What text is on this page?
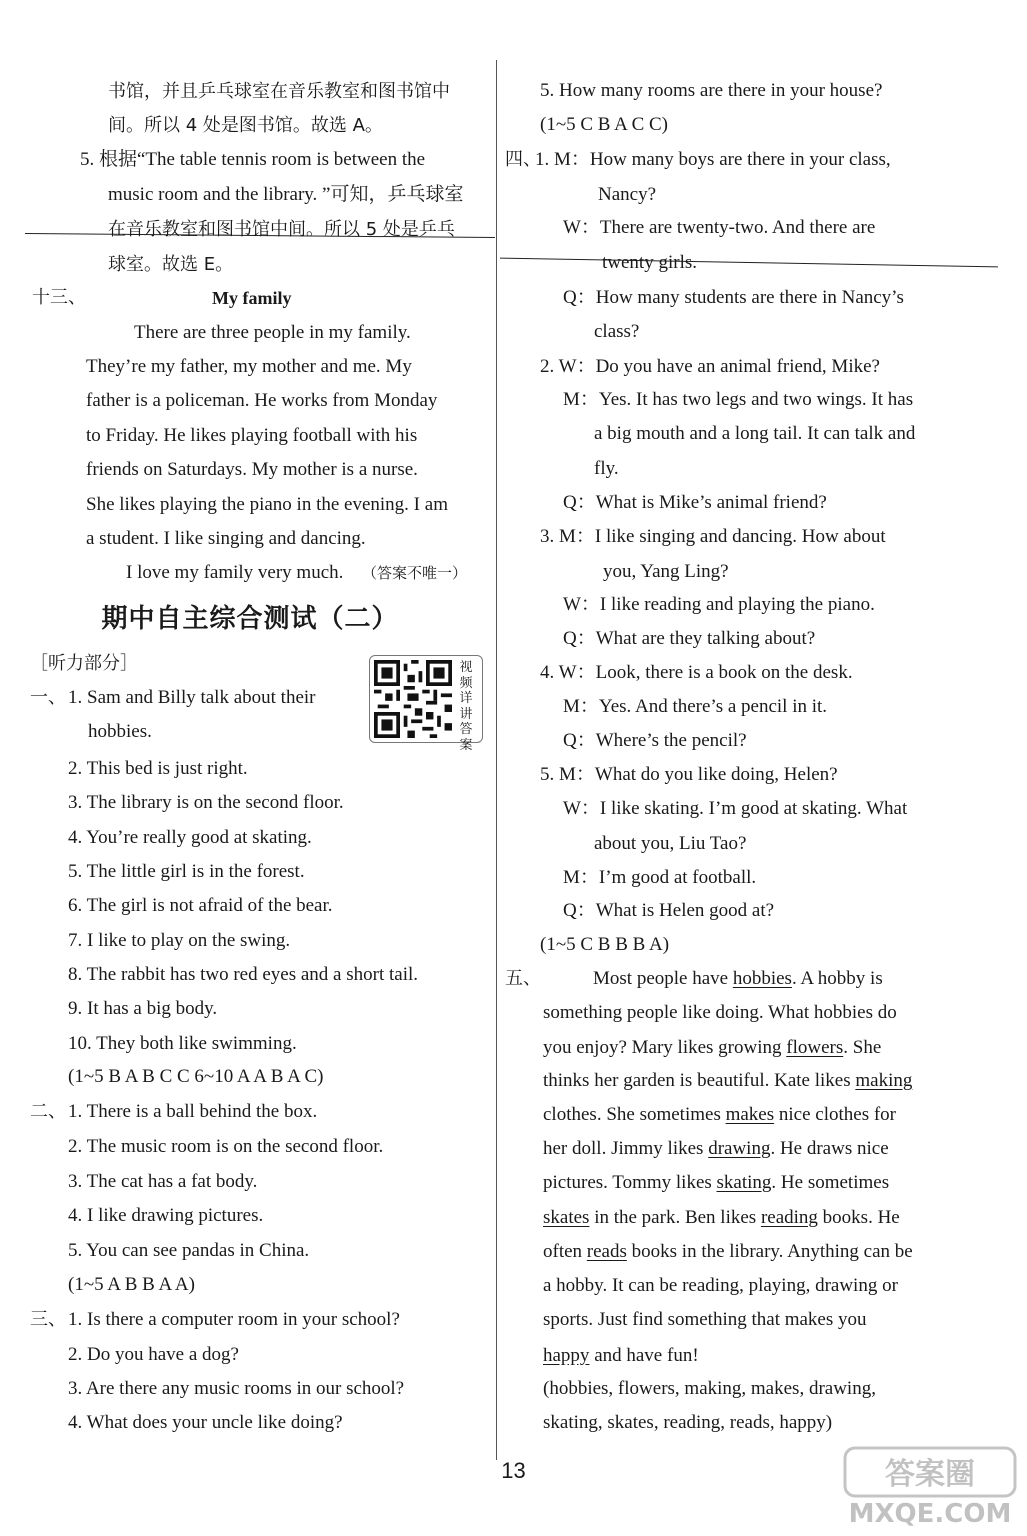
书馆，并且乒乓球室在音乐教室和图书馆中
间。所以 4 处是图书馆。故选 A。
5. 根据“The table tennis room is between the
music room and the library. ”可知，乒乓球室
在音乐教室和图书馆中间。所以 5 处是乒乓
球室。故选 E。
十三、	My family
There are three people in my family.
They’re my father, my mother and me. My
father is a policeman. He works from Monday
to Friday. He likes playing football with his
friends on Saturdays. My mother is a nurse.
She likes playing the piano in the evening. I am
a student. I like singing and dancing.
I love my family very much. （答案不唯一）
期中自主综合测试（二）
［听力部分］	视频详讲答案
一、 1. Sam and Billy talk about their
hobbies.
2. This bed is just right.
3. The library is on the second floor.
4. You’re really good at skating.
5. The little girl is in the forest.
6. The girl is not afraid of the bear.
7. I like to play on the swing.
8. The rabbit has two red eyes and a short tail.
9. It has a big body.
10. They both like swimming.
(1~5 B A B C C 6~10 A A B A C)
二、 1. There is a ball behind the box.
2. The music room is on the second floor.
3. The cat has a fat body.
4. I like drawing pictures.
5. You can see pandas in China.
(1~5 A B B A A)
三、 1. Is there a computer room in your school?
2. Do you have a dog?
3. Are there any music rooms in our school?
4. What does your uncle like doing?
5. How many rooms are there in your house?
(1~5 C B A C C)
四、
1. M：How many boys are there in your class,
Nancy?
W：There are twenty-two. And there are
twenty girls.
Q：How many students are there in Nancy’s
class?
2. W：Do you have an animal friend, Mike?
M：Yes. It has two legs and two wings. It has
a big mouth and a long tail. It can talk and
fly.
Q：What is Mike’s animal friend?
3. M：I like singing and dancing. How about
you, Yang Ling?
W：I like reading and playing the piano.
Q：What are they talking about?
4. W：Look, there is a book on the desk.
M：Yes. And there’s a pencil in it.
Q：Where’s the pencil?
5. M：What do you like doing, Helen?
W：I like skating. I’m good at skating. What
about you, Liu Tao?
M：I’m good at football.
Q：What is Helen good at?
(1~5 C B B B A)
五、	Most people have hobbies. A hobby is
something people like doing. What hobbies do
you enjoy? Mary likes growing flowers. She
thinks her garden is beautiful. Kate likes making
clothes. She sometimes makes nice clothes for
her doll. Jimmy likes drawing. He draws nice
pictures. Tommy likes skating. He sometimes
skates in the park. Ben likes reading books. He
often reads books in the library. Anything can be
a hobby. It can be reading, playing, drawing or
sports. Just find something that makes you
happy and have fun!
(hobbies, flowers, making, makes, drawing,
skating, skates, reading, reads, happy)
13	答案圈
MXQE.COM
